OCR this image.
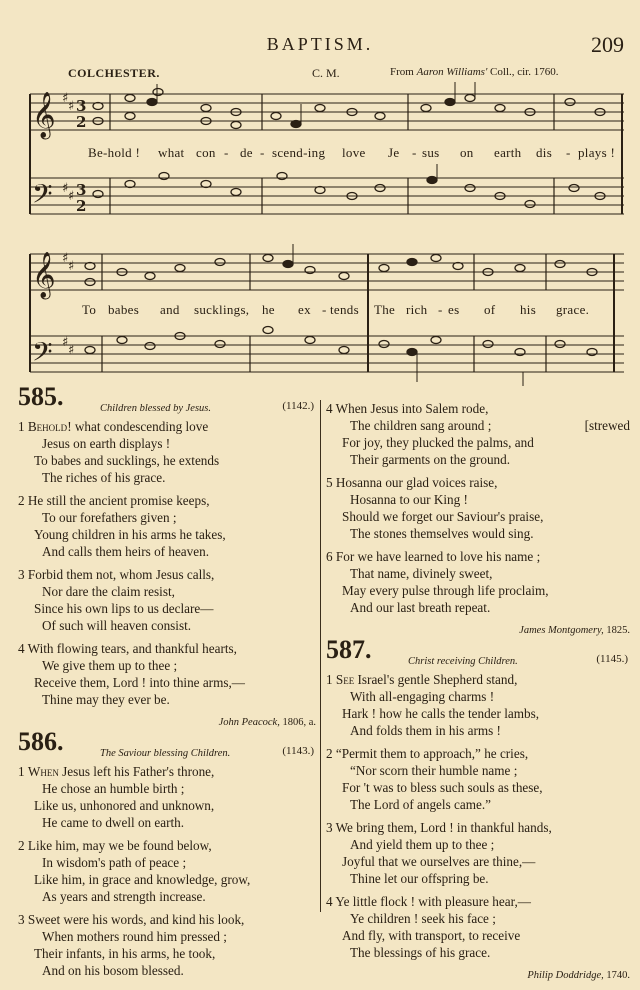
BAPTISM.	209
COLCHESTER.	C. M.	From Aaron Williams' Coll., cir. 1760.
𝄞
𝄢
𝄞
𝄢
♯
♯
♯
♯
♯
♯
♯
♯
3
2
3
2
Be-hold ! what con - de - scend-ing love Je - sus on earth dis - plays !
To babes and sucklings, he ex - tends The rich - es of his grace.
585.	Children blessed by Jesus.	(1142.)
1 Behold! what condescending love
Jesus on earth displays !
To babes and sucklings, he extends
The riches of his grace.
2 He still the ancient promise keeps,
To our forefathers given ;
Young children in his arms he takes,
And calls them heirs of heaven.
3 Forbid them not, whom Jesus calls,
Nor dare the claim resist,
Since his own lips to us declare—
Of such will heaven consist.
4 With flowing tears, and thankful hearts,
We give them up to thee ;
Receive them, Lord ! into thine arms,—
Thine may they ever be.
John Peacock, 1806, a.
586.	The Saviour blessing Children.	(1143.)
1 When Jesus left his Father's throne,
He chose an humble birth ;
Like us, unhonored and unknown,
He came to dwell on earth.
2 Like him, may we be found below,
In wisdom's path of peace ;
Like him, in grace and knowledge, grow,
As years and strength increase.
3 Sweet were his words, and kind his look,
When mothers round him pressed ;
Their infants, in his arms, he took,
And on his bosom blessed.
4 When Jesus into Salem rode,
The children sang around ;	[strewed
For joy, they plucked the palms, and
Their garments on the ground.
5 Hosanna our glad voices raise,
Hosanna to our King !
Should we forget our Saviour's praise,
The stones themselves would sing.
6 For we have learned to love his name ;
That name, divinely sweet,
May every pulse through life proclaim,
And our last breath repeat.
James Montgomery, 1825.
587.	Christ receiving Children.	(1145.)
1 See Israel's gentle Shepherd stand,
With all-engaging charms !
Hark ! how he calls the tender lambs,
And folds them in his arms !
2 “Permit them to approach,” he cries,
“Nor scorn their humble name ;
For 't was to bless such souls as these,
The Lord of angels came.”
3 We bring them, Lord ! in thankful hands,
And yield them up to thee ;
Joyful that we ourselves are thine,—
Thine let our offspring be.
4 Ye little flock ! with pleasure hear,—
Ye children ! seek his face ;
And fly, with transport, to receive
The blessings of his grace.
Philip Doddridge, 1740.
